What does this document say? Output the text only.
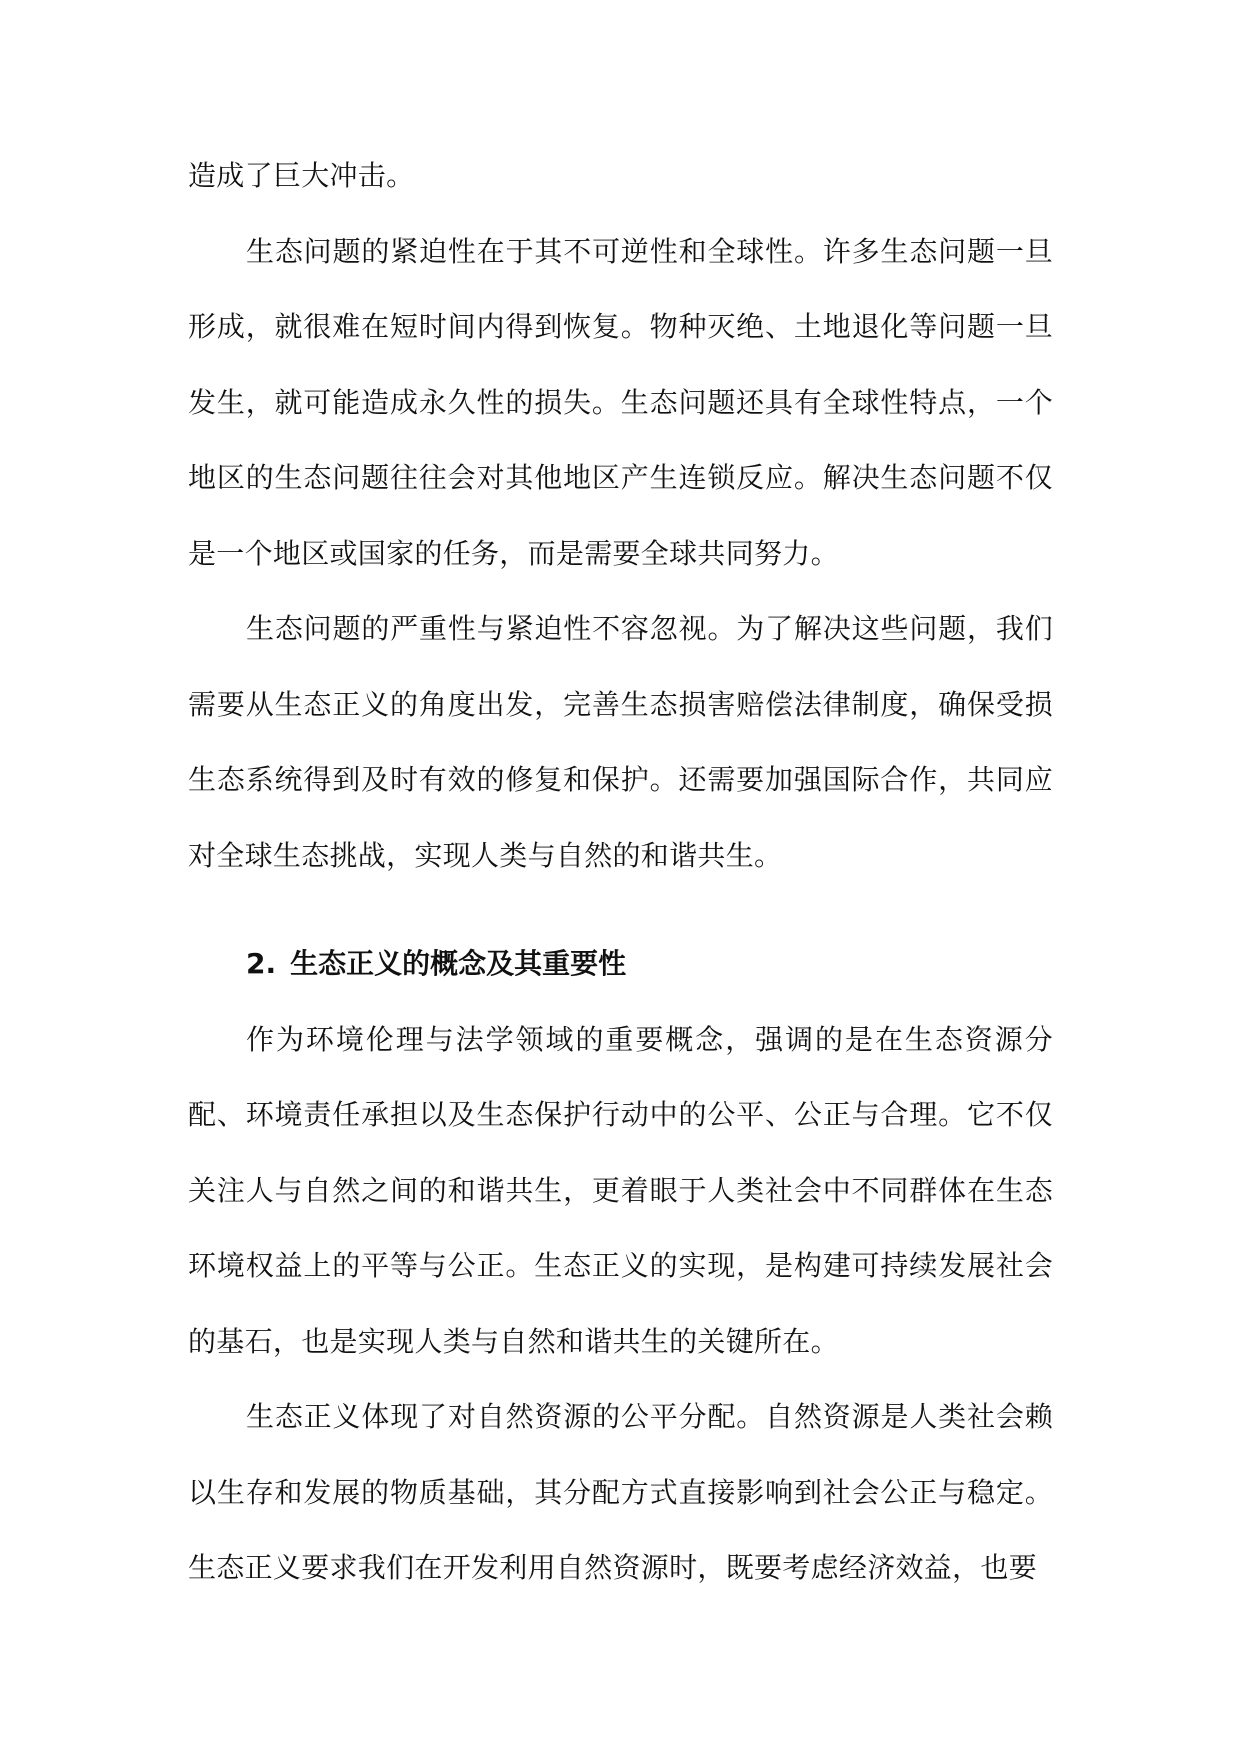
造成了巨大冲击。

生态问题的紧迫性在于其不可逆性和全球性。许多生态问题一旦形成，就很难在短时间内得到恢复。物种灭绝、土地退化等问题一旦发生，就可能造成永久性的损失。生态问题还具有全球性特点，一个地区的生态问题往往会对其他地区产生连锁反应。解决生态问题不仅是一个地区或国家的任务，而是需要全球共同努力。

生态问题的严重性与紧迫性不容忽视。为了解决这些问题，我们需要从生态正义的角度出发，完善生态损害赔偿法律制度，确保受损生态系统得到及时有效的修复和保护。还需要加强国际合作，共同应对全球生态挑战，实现人类与自然的和谐共生。

2. 生态正义的概念及其重要性

作为环境伦理与法学领域的重要概念，强调的是在生态资源分配、环境责任承担以及生态保护行动中的公平、公正与合理。它不仅关注人与自然之间的和谐共生，更着眼于人类社会中不同群体在生态环境权益上的平等与公正。生态正义的实现，是构建可持续发展社会的基石，也是实现人类与自然和谐共生的关键所在。

生态正义体现了对自然资源的公平分配。自然资源是人类社会赖以生存和发展的物质基础，其分配方式直接影响到社会公正与稳定。生态正义要求我们在开发利用自然资源时，既要考虑经济效益，也要
